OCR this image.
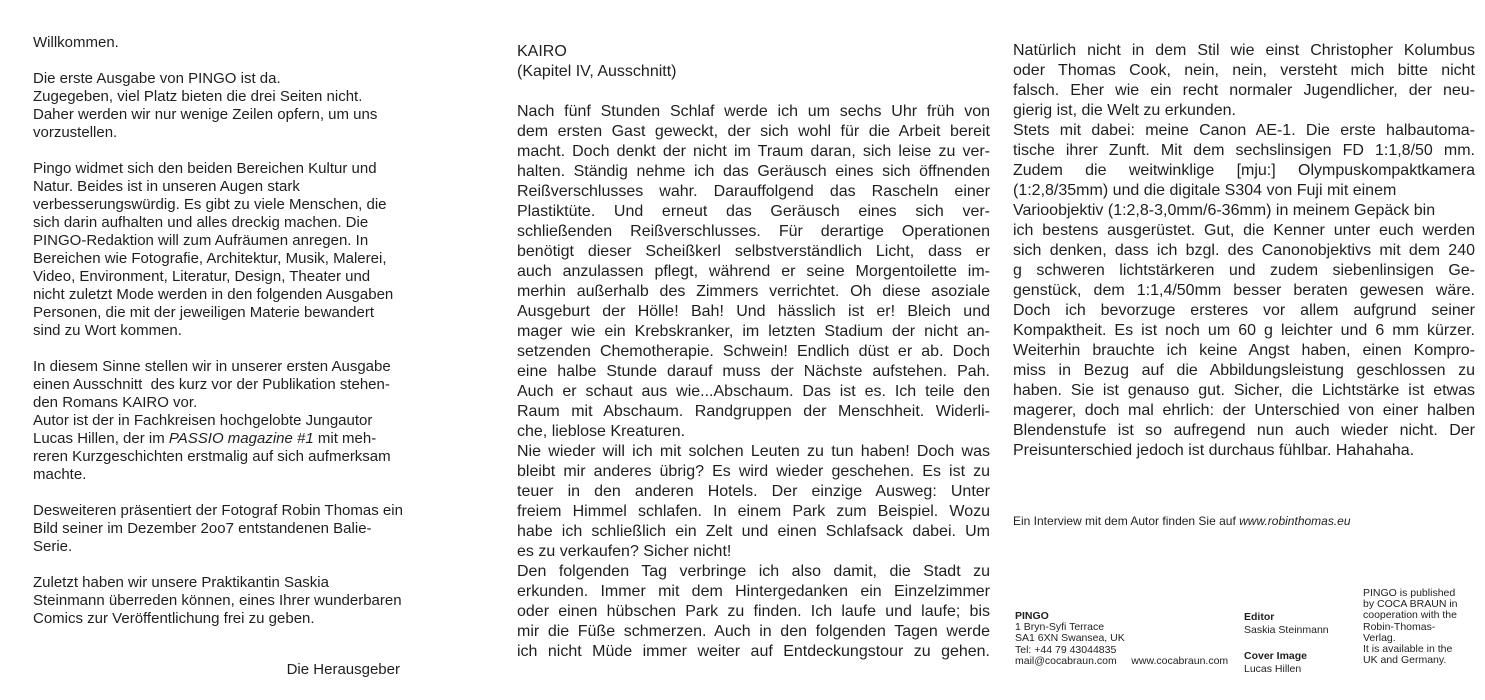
Willkommen.

Die erste Ausgabe von PINGO ist da.
Zugegeben, viel Platz bieten die drei Seiten nicht.
Daher werden wir nur wenige Zeilen opfern, um uns
vorzustellen.

Pingo widmet sich den beiden Bereichen Kultur und
Natur. Beides ist in unseren Augen stark
verbesserungswürdig. Es gibt zu viele Menschen, die
sich darin aufhalten und alles dreckig machen. Die
PINGO-Redaktion will zum Aufräumen anregen. In
Bereichen wie Fotografie, Architektur, Musik, Malerei,
Video, Environment, Literatur, Design, Theater und
nicht zuletzt Mode werden in den folgenden Ausgaben
Personen, die mit der jeweiligen Materie bewandert
sind zu Wort kommen.

In diesem Sinne stellen wir in unserer ersten Ausgabe
einen Ausschnitt  des kurz vor der Publikation stehen-
den Romans KAIRO vor.
Autor ist der in Fachkreisen hochgelobte Jungautor
Lucas Hillen, der im PASSIO magazine #1 mit meh-
reren Kurzgeschichten erstmalig auf sich aufmerksam
machte.

Desweiteren präsentiert der Fotograf Robin Thomas ein
Bild seiner im Dezember 2oo7 entstandenen Balie-
Serie.

Zuletzt haben wir unsere Praktikantin Saskia
Steinmann überreden können, eines Ihrer wunderbaren
Comics zur Veröffentlichung frei zu geben.
Die Herausgeber
KAIRO
(Kapitel IV, Ausschnitt)

Nach fünf Stunden Schlaf werde ich um sechs Uhr früh von
dem ersten Gast geweckt, der sich wohl für die Arbeit bereit
macht. Doch denkt der nicht im Traum daran, sich leise zu ver-
halten. Ständig nehme ich das Geräusch eines sich öffnenden
Reißverschlusses wahr. Darauffolgend das Rascheln einer
Plastiktüte. Und erneut das Geräusch eines sich ver-
schließenden Reißverschlusses. Für derartige Operationen
benötigt dieser Scheißkerl selbstverständlich Licht, dass er
auch anzulassen pflegt, während er seine Morgentoilette im-
merhin außerhalb des Zimmers verrichtet. Oh diese asoziale
Ausgeburt der Hölle! Bah! Und hässlich ist er! Bleich und
mager wie ein Krebskranker, im letzten Stadium der nicht an-
setzenden Chemotherapie. Schwein! Endlich düst er ab. Doch
eine halbe Stunde darauf muss der Nächste aufstehen. Pah.
Auch er schaut aus wie...Abschaum. Das ist es. Ich teile den
Raum mit Abschaum. Randgruppen der Menschheit. Widerli-
che, lieblose Kreaturen.
Nie wieder will ich mit solchen Leuten zu tun haben! Doch was
bleibt mir anderes übrig? Es wird wieder geschehen. Es ist zu
teuer in den anderen Hotels. Der einzige Ausweg: Unter
freiem Himmel schlafen. In einem Park zum Beispiel. Wozu
habe ich schließlich ein Zelt und einen Schlafsack dabei. Um
es zu verkaufen? Sicher nicht!
Den folgenden Tag verbringe ich also damit, die Stadt zu
erkunden. Immer mit dem Hintergedanken ein Einzelzimmer
oder einen hübschen Park zu finden. Ich laufe und laufe; bis
mir die Füße schmerzen. Auch in den folgenden Tagen werde
ich nicht Müde immer weiter auf Entdeckungstour zu gehen.
Natürlich nicht in dem Stil wie einst Christopher Kolumbus
oder Thomas Cook, nein, nein, versteht mich bitte nicht
falsch. Eher wie ein recht normaler Jugendlicher, der neu-
gierig ist, die Welt zu erkunden.
Stets mit dabei: meine Canon AE-1. Die erste halbautoma-
tische ihrer Zunft. Mit dem sechslinsigen FD 1:1,8/50 mm.
Zudem die weitwinklige [mju:] Olympuskompaktkamera
(1:2,8/35mm) und die digitale S304 von Fuji mit einem
Varioobjektiv (1:2,8-3,0mm/6-36mm) in meinem Gepäck bin
ich bestens ausgerüstet. Gut, die Kenner unter euch werden
sich denken, dass ich bzgl. des Canonobjektivs mit dem 240
g schweren lichtstärkeren und zudem siebenlinsigen Ge-
genstück, dem 1:1,4/50mm besser beraten gewesen wäre.
Doch ich bevorzuge ersteres vor allem aufgrund seiner
Kompaktheit. Es ist noch um 60 g leichter und 6 mm kürzer.
Weiterhin brauchte ich keine Angst haben, einen Kompro-
miss in Bezug auf die Abbildungsleistung geschlossen zu
haben. Sie ist genauso gut. Sicher, die Lichtstärke ist etwas
magerer, doch mal ehrlich: der Unterschied von einer halben
Blendenstufe ist so aufregend nun auch wieder nicht. Der
Preisunterschied jedoch ist durchaus fühlbar. Hahahaha.
Ein Interview mit dem Autor finden Sie auf www.robinthomas.eu
PINGO
1 Bryn-Syfi Terrace
SA1 6XN Swansea, UK
Tel: +44 79 43044835
mail@cocabraun.com     www.cocabraun.com
Editor
Saskia Steinmann

Cover Image
Lucas Hillen
PINGO is published
by COCA BRAUN in
cooperation with the
Robin-Thomas-
Verlag.
It is available in the
UK and Germany.
